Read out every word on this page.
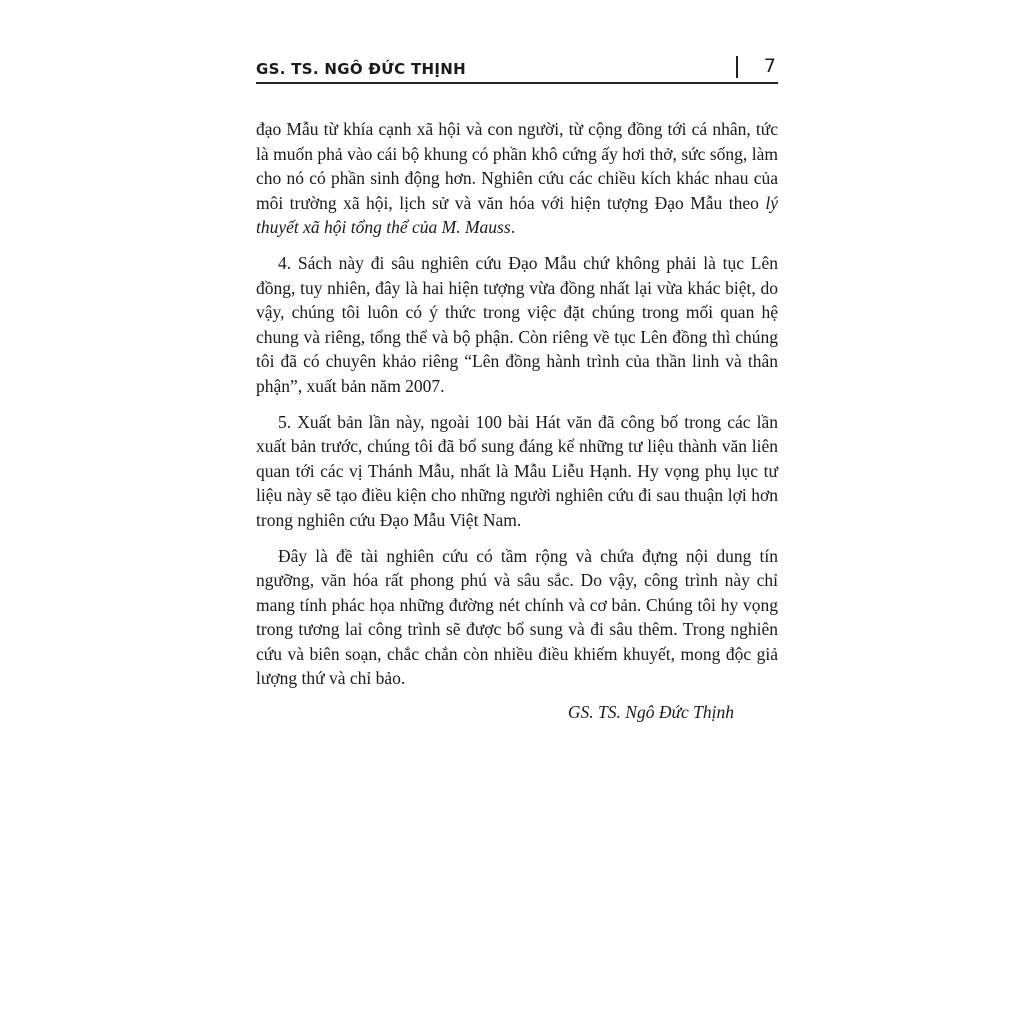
GS. TS. NGÔ ĐỨC THỊNH	7

đạo Mẫu từ khía cạnh xã hội và con người, từ cộng đồng tới cá nhân, tức là muốn phả vào cái bộ khung có phần khô cứng ấy hơi thở, sức sống, làm cho nó có phần sinh động hơn. Nghiên cứu các chiều kích khác nhau của môi trường xã hội, lịch sử và văn hóa với hiện tượng Đạo Mẫu theo lý thuyết xã hội tổng thể của M. Mauss.

4. Sách này đi sâu nghiên cứu Đạo Mẫu chứ không phải là tục Lên đồng, tuy nhiên, đây là hai hiện tượng vừa đồng nhất lại vừa khác biệt, do vậy, chúng tôi luôn có ý thức trong việc đặt chúng trong mối quan hệ chung và riêng, tổng thể và bộ phận. Còn riêng về tục Lên đồng thì chúng tôi đã có chuyên khảo riêng “Lên đồng hành trình của thần linh và thân phận”, xuất bản năm 2007.

5. Xuất bản lần này, ngoài 100 bài Hát văn đã công bố trong các lần xuất bản trước, chúng tôi đã bổ sung đáng kể những tư liệu thành văn liên quan tới các vị Thánh Mẫu, nhất là Mẫu Liễu Hạnh. Hy vọng phụ lục tư liệu này sẽ tạo điều kiện cho những người nghiên cứu đi sau thuận lợi hơn trong nghiên cứu Đạo Mẫu Việt Nam.

Đây là đề tài nghiên cứu có tầm rộng và chứa đựng nội dung tín ngưỡng, văn hóa rất phong phú và sâu sắc. Do vậy, công trình này chỉ mang tính phác họa những đường nét chính và cơ bản. Chúng tôi hy vọng trong tương lai công trình sẽ được bổ sung và đi sâu thêm. Trong nghiên cứu và biên soạn, chắc chắn còn nhiều điều khiếm khuyết, mong độc giả lượng thứ và chỉ bảo.

GS. TS. Ngô Đức Thịnh
